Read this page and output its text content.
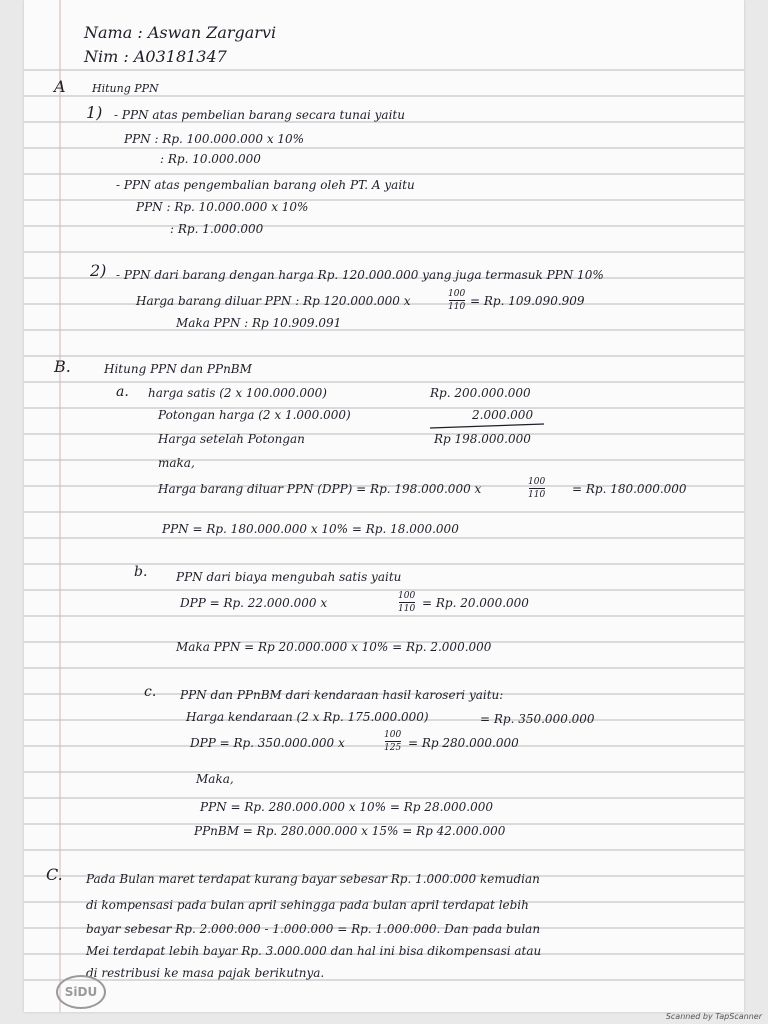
Nama : Aswan Zargarvi
Nim : A03181347
A Hitung PPN
1) - PPN atas pembelian barang secara tunai yaitu
PPN : Rp. 100.000.000 x 10%
: Rp. 10.000.000
- PPN atas pengembalian barang oleh PT. A yaitu
PPN : Rp. 10.000.000 x 10%
: Rp. 1.000.000
2) - PPN dari barang dengan harga Rp. 120.000.000 yang juga termasuk PPN 10%
Harga barang diluar PPN : Rp 120.000.000 x	100
110 = Rp. 109.090.909
Maka PPN : Rp 10.909.091
B.	Hitung PPN dan PPnBM
a. harga satis (2 x 100.000.000)	Rp. 200.000.000
Potongan harga (2 x 1.000.000)	2.000.000
Harga setelah Potongan	Rp 198.000.000
maka,
Harga barang diluar PPN (DPP) = Rp. 198.000.000 x	100
110 = Rp. 180.000.000
PPN = Rp. 180.000.000 x 10% = Rp. 18.000.000
b. PPN dari biaya mengubah satis yaitu
DPP = Rp. 22.000.000 x	100
110 = Rp. 20.000.000
Maka PPN = Rp 20.000.000 x 10% = Rp. 2.000.000
c. PPN dan PPnBM dari kendaraan hasil karoseri yaitu:
Harga kendaraan (2 x Rp. 175.000.000)	= Rp. 350.000.000
DPP = Rp. 350.000.000 x
100
125 = Rp 280.000.000
Maka,
PPN = Rp. 280.000.000 x 10% = Rp 28.000.000
PPnBM = Rp. 280.000.000 x 15% = Rp 42.000.000
C. Pada Bulan maret terdapat kurang bayar sebesar Rp. 1.000.000 kemudian
di kompensasi pada bulan april sehingga pada bulan april terdapat lebih
bayar sebesar Rp. 2.000.000 - 1.000.000 = Rp. 1.000.000. Dan pada bulan
Mei terdapat lebih bayar Rp. 3.000.000 dan hal ini bisa dikompensasi atau
di restribusi ke masa pajak berikutnya.
SiDU
Scanned by TapScanner
